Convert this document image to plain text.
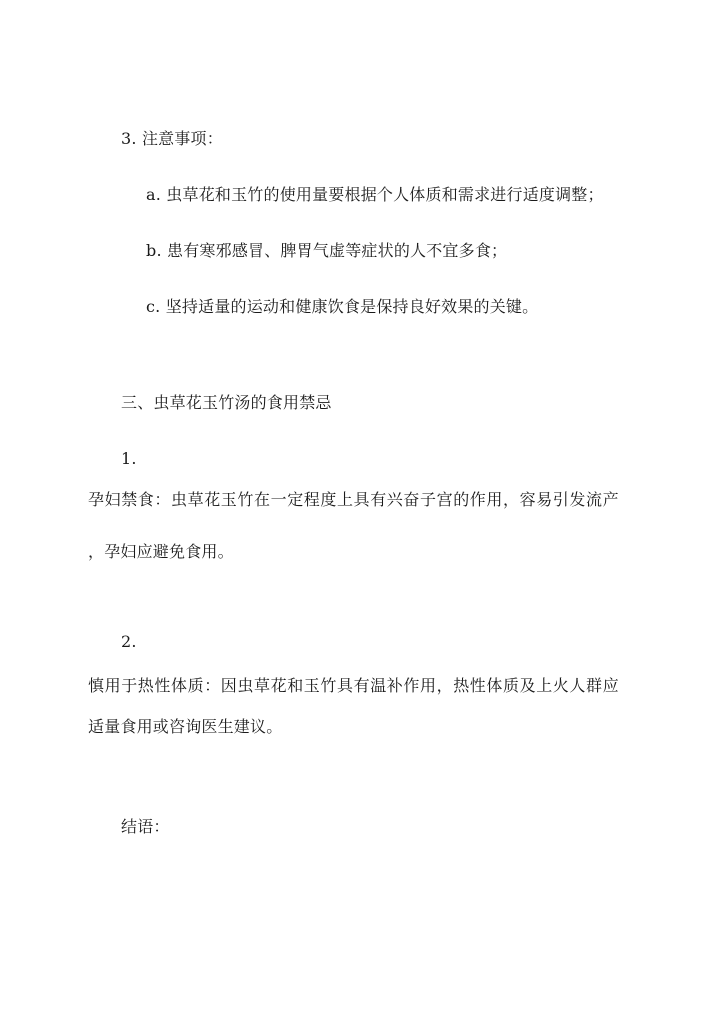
3. 注意事项：
a. 虫草花和玉竹的使用量要根据个人体质和需求进行适度调整；
b. 患有寒邪感冒、脾胃气虚等症状的人不宜多食；
c. 坚持适量的运动和健康饮食是保持良好效果的关键。
三、虫草花玉竹汤的食用禁忌
1.
孕妇禁食：虫草花玉竹在一定程度上具有兴奋子宫的作用，容易引发流产
，孕妇应避免食用。
2.
慎用于热性体质：因虫草花和玉竹具有温补作用，热性体质及上火人群应
适量食用或咨询医生建议。
结语：
